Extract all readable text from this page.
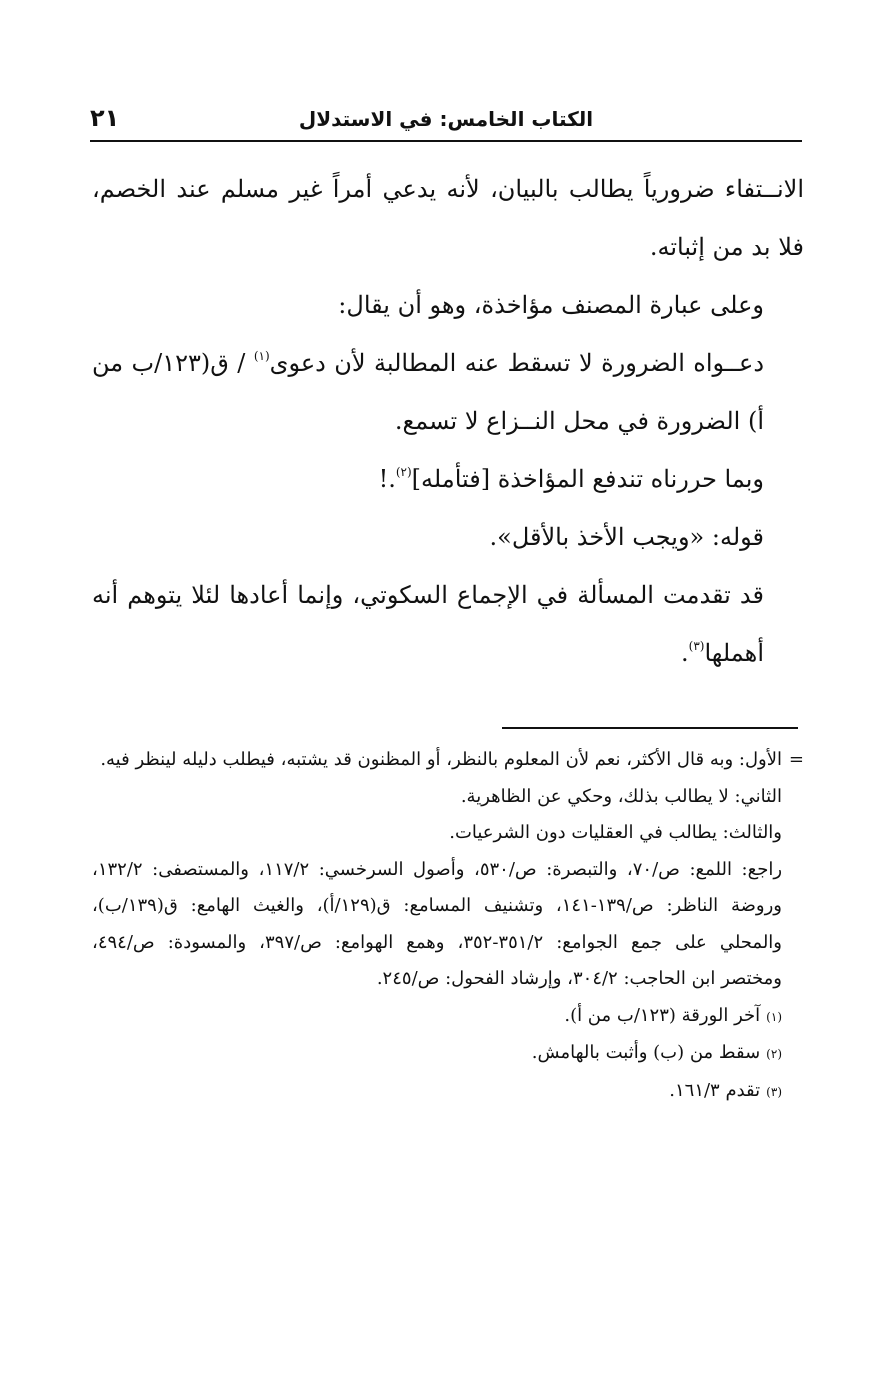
الكتاب الخامس: في الاستدلال
٢١

الانــتفاء ضرورياً يطالب بالبيان، لأنه يدعي أمراً غير مسلم عند الخصم، فلا بد من إثباته.

وعلى عبارة المصنف مؤاخذة، وهو أن يقال:

دعــواه الضرورة لا تسقط عنه المطالبة لأن دعوى$^{(١)}$ / ق(١٢٣/ب من أ) الضرورة في محل النــزاع لا تسمع.

وبما حررناه تندفع المؤاخذة [فتأمله]$^{(٢)}$.!

قوله: «ويجب الأخذ بالأقل».

قد تقدمت المسألة في الإجماع السكوتي، وإنما أعادها لئلا يتوهم أنه أهملها$^{(٣)}$.

=
الأول: وبه قال الأكثر، نعم لأن المعلوم بالنظر، أو المظنون قد يشتبه، فيطلب دليله لينظر فيه.

الثاني: لا يطالب بذلك، وحكي عن الظاهرية.

والثالث: يطالب في العقليات دون الشرعيات.

راجع: اللمع: ص/٧٠، والتبصرة: ص/٥٣٠، وأصول السرخسي: ١١٧/٢، والمستصفى: ١٣٢/٢، وروضة الناظر: ص/١٣٩-١٤١، وتشنيف المسامع: ق(١٢٩/أ)، والغيث الهامع: ق(١٣٩/ب)، والمحلي على جمع الجوامع: ٣٥١/٢-٣٥٢، وهمع الهوامع: ص/٣٩٧، والمسودة: ص/٤٩٤، ومختصر ابن الحاجب: ٣٠٤/٢، وإرشاد الفحول: ص/٢٤٥.

(١)آخر الورقة (١٢٣/ب من أ).

(٢)سقط من (ب) وأثبت بالهامش.

(٣)تقدم ١٦١/٣.
